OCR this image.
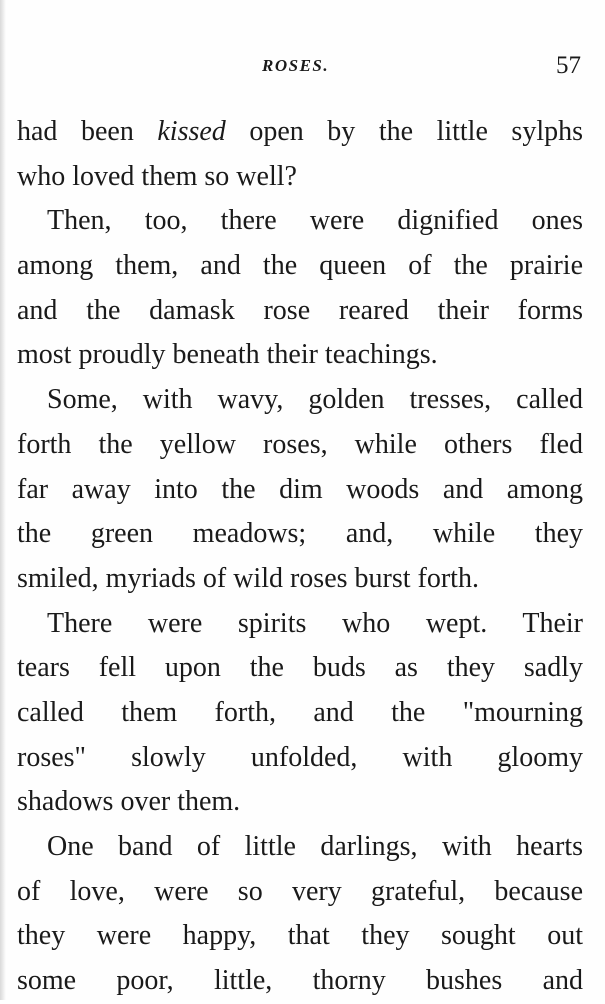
ROSES.	57
had been kissed open by the little sylphs
who loved them so well?
Then, too, there were dignified ones
among them, and the queen of the prairie
and the damask rose reared their forms
most proudly beneath their teachings.
Some, with wavy, golden tresses, called
forth the yellow roses, while others fled
far away into the dim woods and among
the green meadows; and, while they
smiled, myriads of wild roses burst forth.
There were spirits who wept. Their
tears fell upon the buds as they sadly
called them forth, and the "mourning
roses" slowly unfolded, with gloomy
shadows over them.
One band of little darlings, with hearts
of love, were so very grateful, because
they were happy, that they sought out
some poor, little, thorny bushes and
